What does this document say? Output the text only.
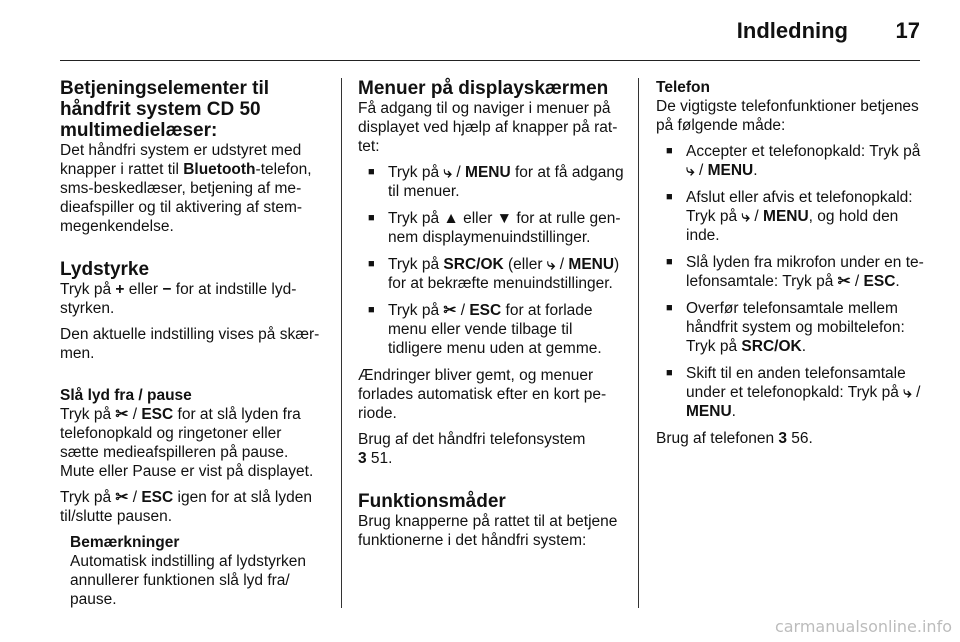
Indledning 17
Betjeningselementer til håndfrit system CD 50 multimedielæser:

Det håndfri system er udstyret med knapper i rattet til Bluetooth-telefon, sms-beskedlæser, betjening af medieafspiller og til aktivering af stemmegenkendelse.

Lydstyrke

Tryk på + eller − for at indstille lydstyrken.

Den aktuelle indstilling vises på skærmen.

Slå lyd fra / pause

Tryk på ✂ / ESC for at slå lyden fra telefonopkald og ringetoner eller sætte medieafspilleren på pause. Mute eller Pause er vist på displayet.

Tryk på ✂ / ESC igen for at slå lyden til/slutte pausen.

Bemærkninger

Automatisk indstilling af lydstyrken annullerer funktionen slå lyd fra/ pause.

Menuer på displayskærmen

Få adgang til og naviger i menuer på displayet ved hjælp af knapper på rattet:

■ Tryk på ⤷ / MENU for at få adgang til menuer.
■ Tryk på ▲ eller ▼ for at rulle gennem displaymenuindstillinger.
■ Tryk på SRC/OK (eller ⤷ / MENU) for at bekræfte menuindstillinger.
■ Tryk på ✂ / ESC for at forlade menu eller vende tilbage til tidligere menu uden at gemme.

Ændringer bliver gemt, og menuer forlades automatisk efter en kort periode.

Brug af det håndfri telefonsystem
3 51.

Funktionsmåder

Brug knapperne på rattet til at betjene funktionerne i det håndfri system:

Telefon

De vigtigste telefonfunktioner betjenes på følgende måde:

■ Accepter et telefonopkald: Tryk på ⤷ / MENU.
■ Afslut eller afvis et telefonopkald: Tryk på ⤷ / MENU, og hold den inde.
■ Slå lyden fra mikrofon under en telefonsamtale: Tryk på ✂ / ESC.
■ Overfør telefonsamtale mellem håndfrit system og mobiltelefon: Tryk på SRC/OK.
■ Skift til en anden telefonsamtale under et telefonopkald: Tryk på ⤷ /
MENU.

Brug af telefonen 3 56.

carmanualsonline.info
